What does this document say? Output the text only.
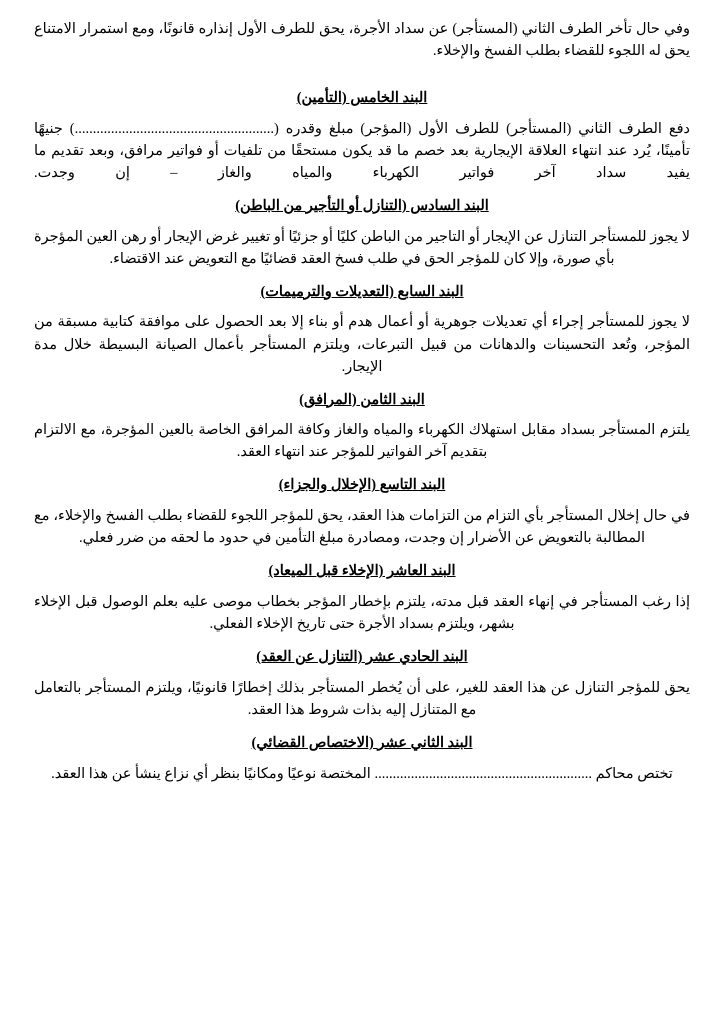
وفي حال تأخر الطرف الثاني (المستأجر) عن سداد الأجرة، يحق للطرف الأول إنذاره قانونًا، ومع استمرار الامتناع يحق له اللجوء للقضاء بطلب الفسخ والإخلاء.

البند الخامس (التأمين)

دفع الطرف الثاني (المستأجر) للطرف الأول (المؤجر) مبلغ وقدره (.......................................................) جنيهًا تأمينًا، يُرد عند انتهاء العلاقة الإيجارية بعد خصم ما قد يكون مستحقًا من تلفيات أو فواتير مرافق، وبعد تقديم ما يفيد سداد آخر فواتير الكهرباء والمياه والغاز – إن وجدت.

البند السادس (التنازل أو التأجير من الباطن)

لا يجوز للمستأجر التنازل عن الإيجار أو التاجير من الباطن كليًا أو جزئيًا أو تغيير غرض الإيجار أو رهن العين المؤجرة بأي صورة، وإلا كان للمؤجر الحق في طلب فسخ العقد قضائيًا مع التعويض عند الاقتضاء.

البند السابع (التعديلات والترميمات)

لا يجوز للمستأجر إجراء أي تعديلات جوهرية أو أعمال هدم أو بناء إلا بعد الحصول على موافقة كتابية مسبقة من المؤجر، وتُعد التحسينات والدهانات من قبيل التبرعات، ويلتزم المستأجر بأعمال الصيانة البسيطة خلال مدة الإيجار.

البند الثامن (المرافق)

يلتزم المستأجر بسداد مقابل استهلاك الكهرباء والمياه والغاز وكافة المرافق الخاصة بالعين المؤجرة، مع الالتزام بتقديم آخر الفواتير للمؤجر عند انتهاء العقد.

البند التاسع (الإخلال والجزاء)

في حال إخلال المستأجر بأي التزام من التزامات هذا العقد، يحق للمؤجر اللجوء للقضاء بطلب الفسخ والإخلاء، مع المطالبة بالتعويض عن الأضرار إن وجدت، ومصادرة مبلغ التأمين في حدود ما لحقه من ضرر فعلي.

البند العاشر (الإخلاء قبل الميعاد)

إذا رغب المستأجر في إنهاء العقد قبل مدته، يلتزم بإخطار المؤجر بخطاب موصى عليه بعلم الوصول قبل الإخلاء بشهر، ويلتزم بسداد الأجرة حتى تاريخ الإخلاء الفعلي.

البند الحادي عشر (التنازل عن العقد)

يحق للمؤجر التنازل عن هذا العقد للغير، على أن يُخطر المستأجر بذلك إخطارًا قانونيًا، ويلتزم المستأجر بالتعامل مع المتنازل إليه بذات شروط هذا العقد.

البند الثاني عشر (الاختصاص القضائي)

تختص محاكم ............................................................ المختصة نوعيًا ومكانيًا بنظر أي نزاع ينشأ عن هذا العقد.
